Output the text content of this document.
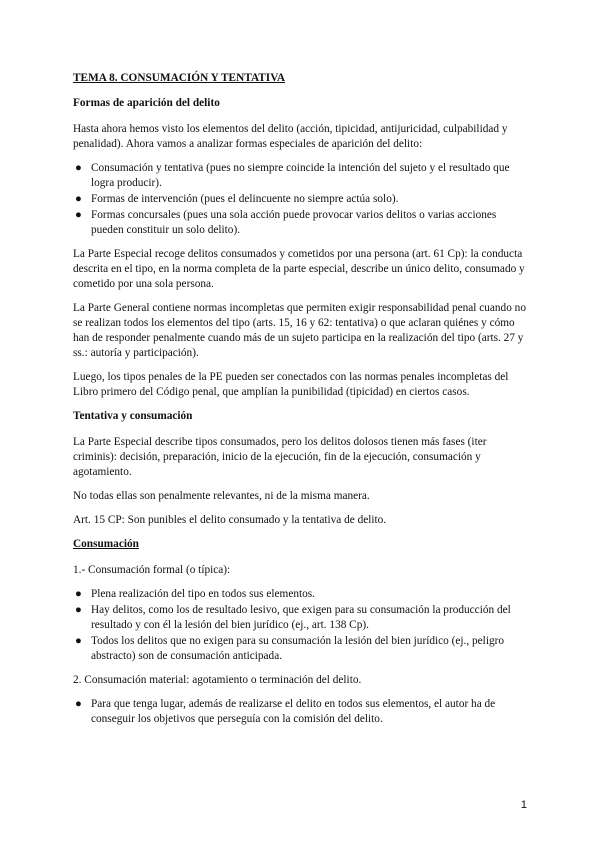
TEMA 8. CONSUMACIÓN Y TENTATIVA
Formas de aparición del delito

Hasta ahora hemos visto los elementos del delito (acción, tipicidad, antijuricidad, culpabilidad y penalidad). Ahora vamos a analizar formas especiales de aparición del delito:

● Consumación y tentativa (pues no siempre coincide la intención del sujeto y el resultado que logra producir).
● Formas de intervención (pues el delincuente no siempre actúa solo).
● Formas concursales (pues una sola acción puede provocar varios delitos o varias acciones pueden constituir un solo delito).

La Parte Especial recoge delitos consumados y cometidos por una persona (art. 61 Cp): la conducta descrita en el tipo, en la norma completa de la parte especial, describe un único delito, consumado y cometido por una sola persona.

La Parte General contiene normas incompletas que permiten exigir responsabilidad penal cuando no se realizan todos los elementos del tipo (arts. 15, 16 y 62: tentativa) o que aclaran quiénes y cómo han de responder penalmente cuando más de un sujeto participa en la realización del tipo (arts. 27 y ss.: autoría y participación).

Luego, los tipos penales de la PE pueden ser conectados con las normas penales incompletas del Libro primero del Código penal, que amplían la punibilidad (tipicidad) en ciertos casos.

Tentativa y consumación

La Parte Especial describe tipos consumados, pero los delitos dolosos tienen más fases (iter criminis): decisión, preparación, inicio de la ejecución, fin de la ejecución, consumación y agotamiento.

No todas ellas son penalmente relevantes, ni de la misma manera.

Art. 15 CP: Son punibles el delito consumado y la tentativa de delito.

Consumación

1.- Consumación formal (o típica):

● Plena realización del tipo en todos sus elementos.
● Hay delitos, como los de resultado lesivo, que exigen para su consumación la producción del resultado y con él la lesión del bien jurídico (ej., art. 138 Cp).
● Todos los delitos que no exigen para su consumación la lesión del bien jurídico (ej., peligro abstracto) son de consumación anticipada.

2. Consumación material: agotamiento o terminación del delito.

● Para que tenga lugar, además de realizarse el delito en todos sus elementos, el autor ha de conseguir los objetivos que perseguía con la comisión del delito.
1
